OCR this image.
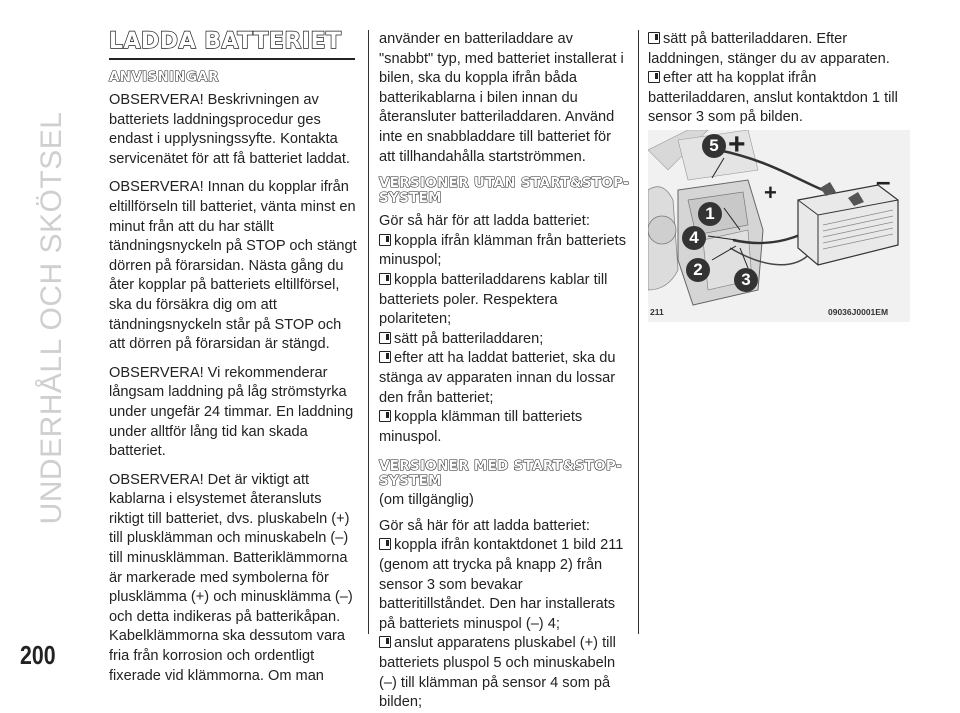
UNDERHÅLL OCH SKÖTSEL
200
LADDA BATTERIET
ANVISNINGAR

OBSERVERA! Beskrivningen av batteriets laddningsprocedur ges endast i upplysningssyfte. Kontakta servicenätet för att få batteriet laddat.

OBSERVERA! Innan du kopplar ifrån eltillförseln till batteriet, vänta minst en minut från att du har ställt tändningsnyckeln på STOP och stängt dörren på förarsidan. Nästa gång du åter kopplar på batteriets eltillförsel, ska du försäkra dig om att tändningsnyckeln står på STOP och att dörren på förarsidan är stängd.

OBSERVERA! Vi rekommenderar långsam laddning på låg strömstyrka under ungefär 24 timmar. En laddning under alltför lång tid kan skada batteriet.

OBSERVERA! Det är viktigt att kablarna i elsystemet återansluts riktigt till batteriet, dvs. pluskabeln (+) till plusklämman och minuskabeln (–) till minusklämman. Batteriklämmorna är markerade med symbolerna för plusklämma (+) och minusklämma (–) och detta indikeras på batterikåpan. Kabelklämmorna ska dessutom vara fria från korrosion och ordentligt fixerade vid klämmorna. Om man

använder en batteriladdare av "snabbt" typ, med batteriet installerat i bilen, ska du koppla ifrån båda batterikablarna i bilen innan du återansluter batteriladdaren. Använd inte en snabbladdare till batteriet för att tillhandahålla startströmmen.

VERSIONER UTAN START&STOP-SYSTEM
Gör så här för att ladda batteriet:
koppla ifrån klämman från batteriets minuspol;
koppla batteriladdarens kablar till batteriets poler. Respektera polariteten;
sätt på batteriladdaren;
efter att ha laddat batteriet, ska du stänga av apparaten innan du lossar den från batteriet;
koppla klämman till batteriets minuspol.
VERSIONER MED START&STOP-SYSTEM
(om tillgänglig)
Gör så här för att ladda batteriet:
koppla ifrån kontaktdonet 1 bild 211 (genom att trycka på knapp 2) från sensor 3 som bevakar batteritillståndet. Den har installerats på batteriets minuspol (–) 4;
anslut apparatens pluskabel (+) till batteriets pluspol 5 och minuskabeln (–) till klämman på sensor 4 som på bilden;
sätt på batteriladdaren. Efter laddningen, stänger du av apparaten.
efter att ha kopplat ifrån batteriladdaren, anslut kontaktdon 1 till sensor 3 som på bilden.
5 +
1
4
2
3
+	–
211	09036J0001EM
